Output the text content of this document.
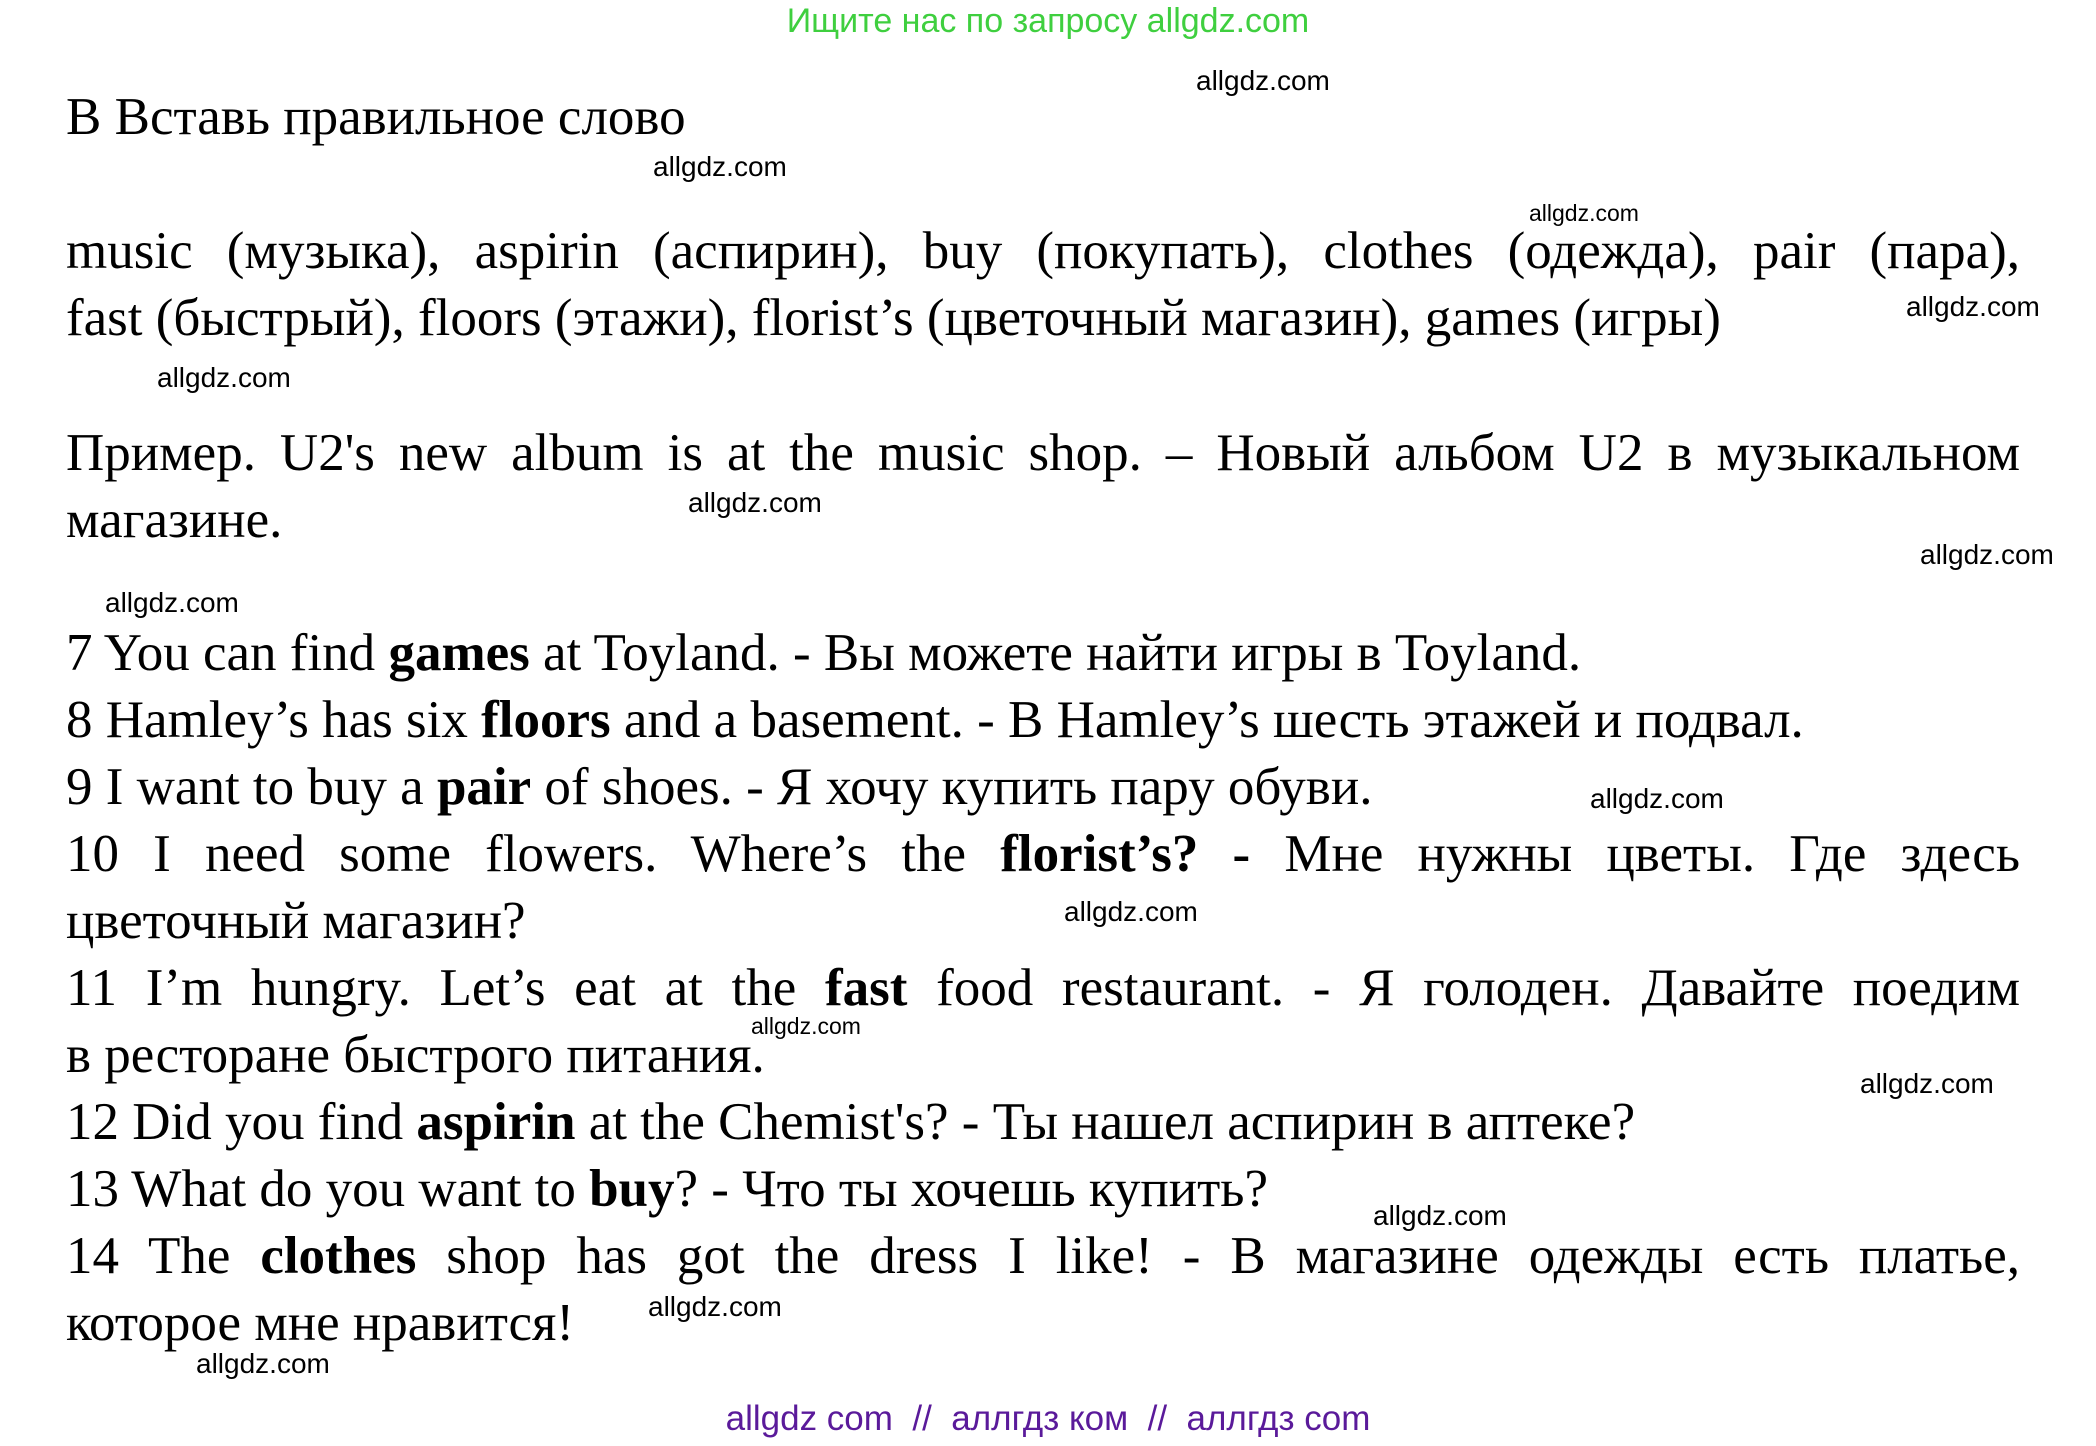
Ищите нас по запросу allgdz.com
B Вставь правильное слово
music (музыка), aspirin (аспирин), buy (покупать), clothes (одежда), pair (пара),
fast (быстрый), floors (этажи), florist’s (цветочный магазин), games (игры)
Пример. U2's new album is at the music shop. – Новый альбом U2 в музыкальном
магазине.
7 You can find games at Toyland. - Вы можете найти игры в Toyland.
8 Hamley’s has six floors and a basement. - В Hamley’s шесть этажей и подвал.
9 I want to buy a pair of shoes. - Я хочу купить пару обуви.
10 I need some flowers. Where’s the florist’s? - Мне нужны цветы. Где здесь
цветочный магазин?
11 I’m hungry. Let’s eat at the fast food restaurant. - Я голоден. Давайте поедим
в ресторане быстрого питания.
12 Did you find aspirin at the Chemist's? - Ты нашел аспирин в аптеке?
13 What do you want to buy? - Что ты хочешь купить?
14 The clothes shop has got the dress I like! - В магазине одежды есть платье,
которое мне нравится!
allgdz.com
allgdz.com
allgdz.com
allgdz.com
allgdz.com
allgdz.com
allgdz.com
allgdz.com
allgdz.com
allgdz.com
allgdz.com
allgdz.com
allgdz.com
allgdz.com
allgdz.com
allgdz com  //  аллгдз ком  //  аллгдз com
